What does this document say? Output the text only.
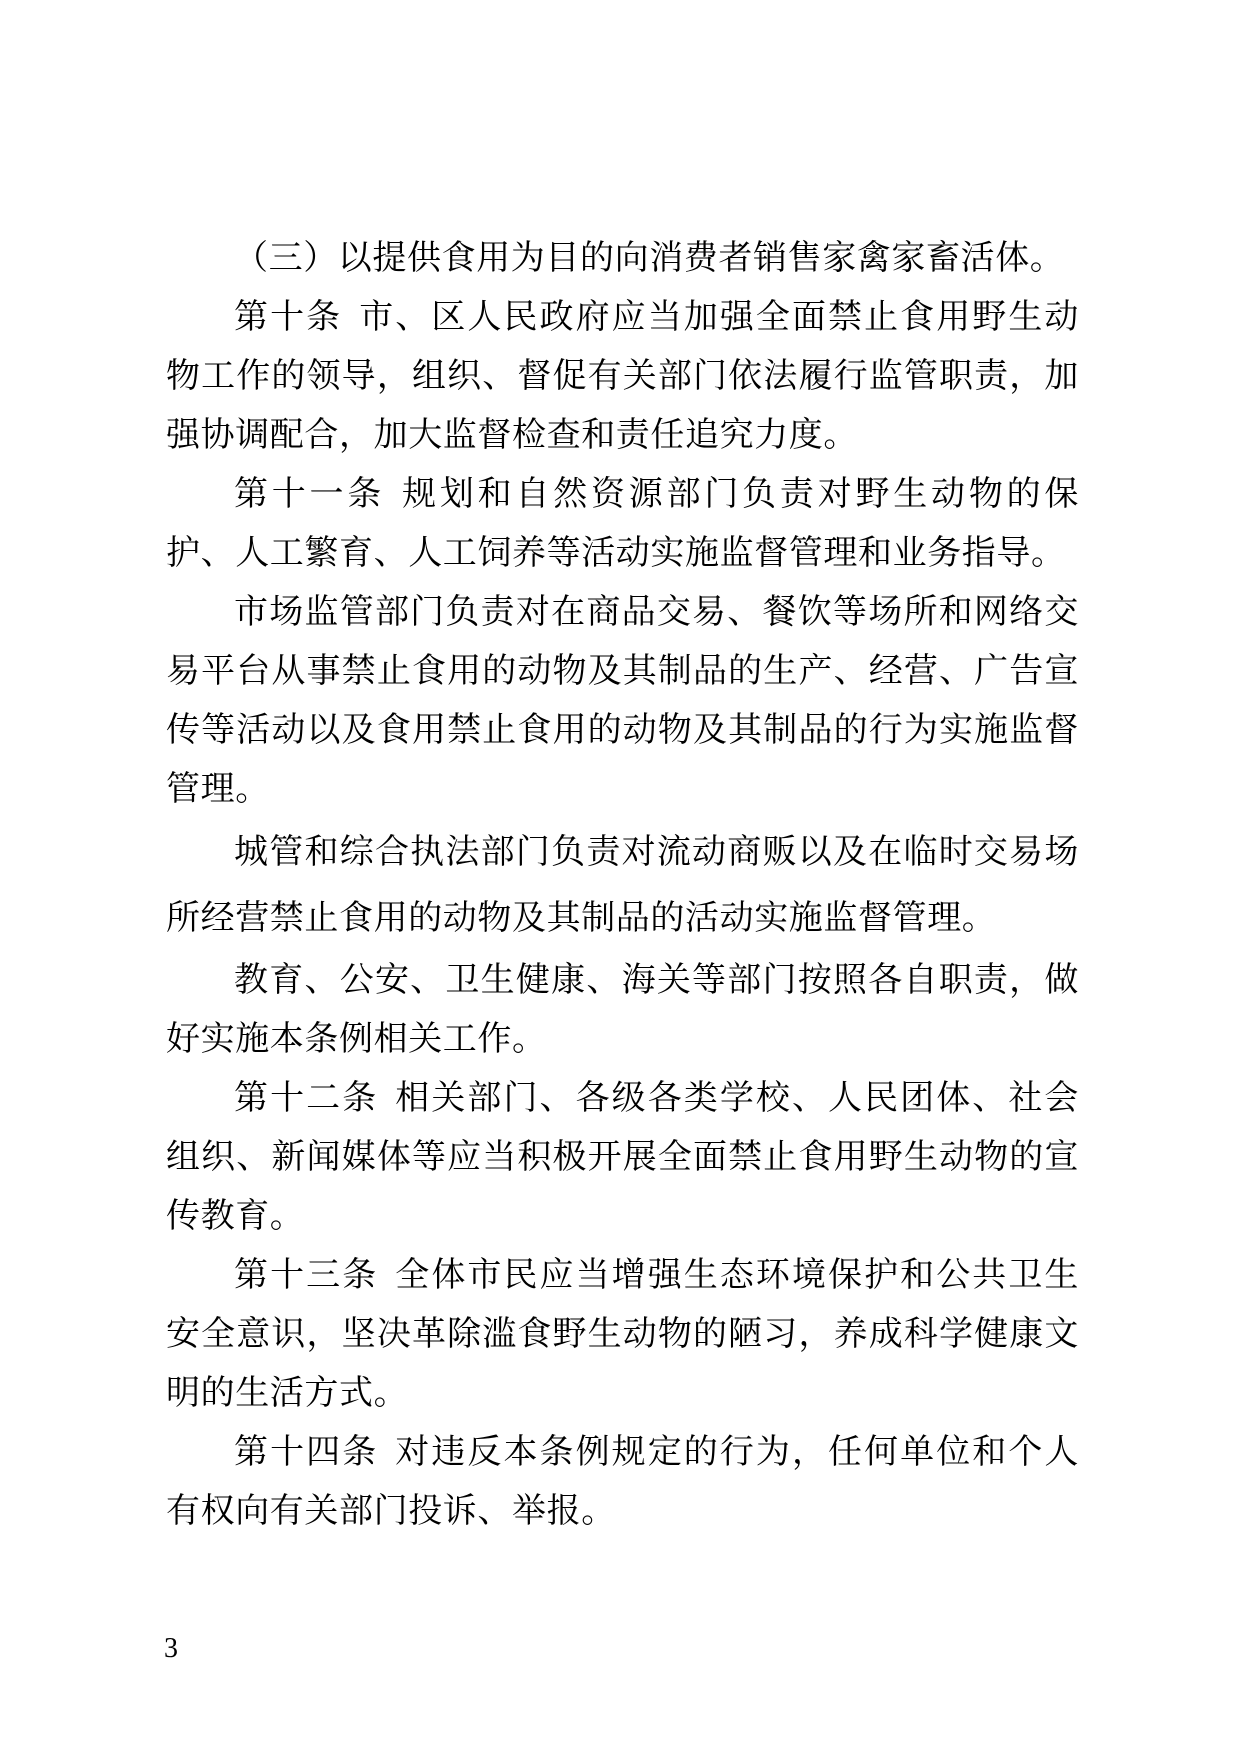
（三）以提供食用为目的向消费者销售家禽家畜活体。

第十条 市、区人民政府应当加强全面禁止食用野生动物工作的领导，组织、督促有关部门依法履行监管职责，加强协调配合，加大监督检查和责任追究力度。

第十一条 规划和自然资源部门负责对野生动物的保护、人工繁育、人工饲养等活动实施监督管理和业务指导。

市场监管部门负责对在商品交易、餐饮等场所和网络交易平台从事禁止食用的动物及其制品的生产、经营、广告宣传等活动以及食用禁止食用的动物及其制品的行为实施监督管理。

城管和综合执法部门负责对流动商贩以及在临时交易场所经营禁止食用的动物及其制品的活动实施监督管理。

教育、公安、卫生健康、海关等部门按照各自职责，做好实施本条例相关工作。

第十二条 相关部门、各级各类学校、人民团体、社会组织、新闻媒体等应当积极开展全面禁止食用野生动物的宣传教育。

第十三条 全体市民应当增强生态环境保护和公共卫生安全意识，坚决革除滥食野生动物的陋习，养成科学健康文明的生活方式。

第十四条 对违反本条例规定的行为，任何单位和个人有权向有关部门投诉、举报。

3
